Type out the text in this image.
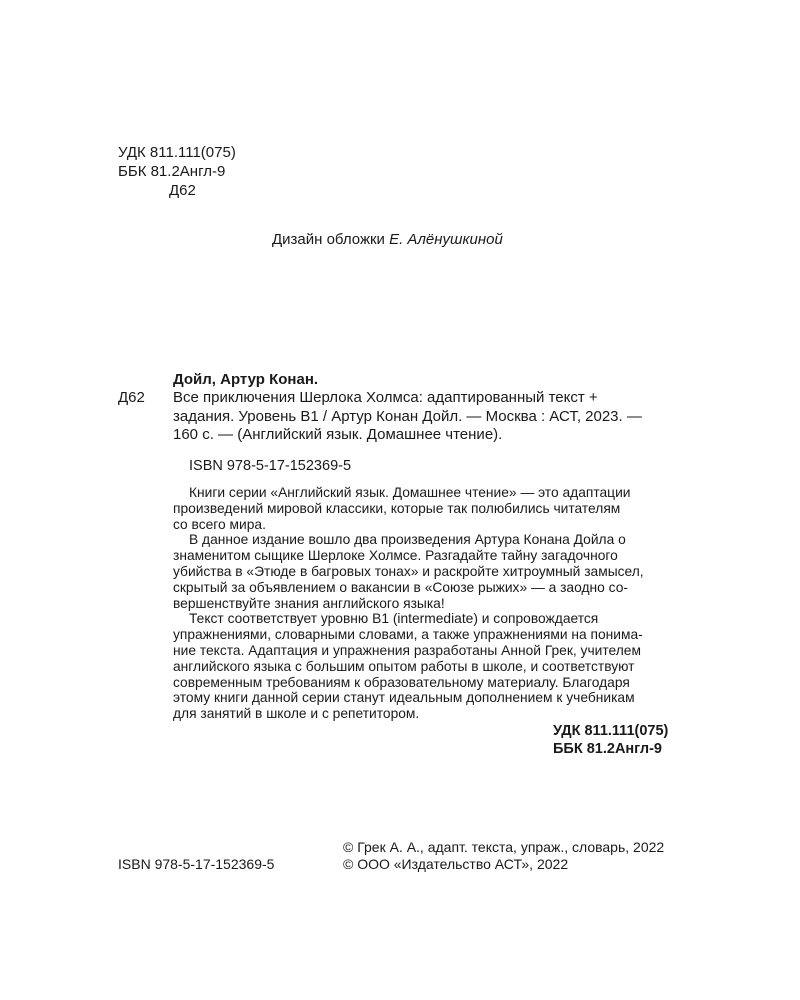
УДК 811.111(075)
ББК 81.2Англ-9
Д62
Дизайн обложки Е. Алёнушкиной
Дойл, Артур Конан.
Д62 Все приключения Шерлока Холмса: адаптированный текст +
задания. Уровень В1 / Артур Конан Дойл. — Москва : АСТ, 2023. —
160 с. — (Английский язык. Домашнее чтение).
ISBN 978-5-17-152369-5
Книги серии «Английский язык. Домашнее чтение» — это адаптации
произведений мировой классики, которые так полюбились читателям
со всего мира.
В данное издание вошло два произведения Артура Конана Дойла о
знаменитом сыщике Шерлоке Холмсе. Разгадайте тайну загадочного
убийства в «Этюде в багровых тонах» и раскройте хитроумный замысел,
скрытый за объявлением о вакансии в «Союзе рыжих» — а заодно со-
вершенствуйте знания английского языка!
Текст соответствует уровню В1 (intermediate) и сопровождается
упражнениями, словарными словами, а также упражнениями на понима-
ние текста. Адаптация и упражнения разработаны Анной Грек, учителем
английского языка с большим опытом работы в школе, и соответствуют
современным требованиям к образовательному материалу. Благодаря
этому книги данной серии станут идеальным дополнением к учебникам
для занятий в школе и с репетитором.
УДК 811.111(075)
ББК 81.2Англ-9
ISBN 978-5-17-152369-5
© Грек А. А., адапт. текста, упраж., словарь, 2022
© ООО «Издательство АСТ», 2022
